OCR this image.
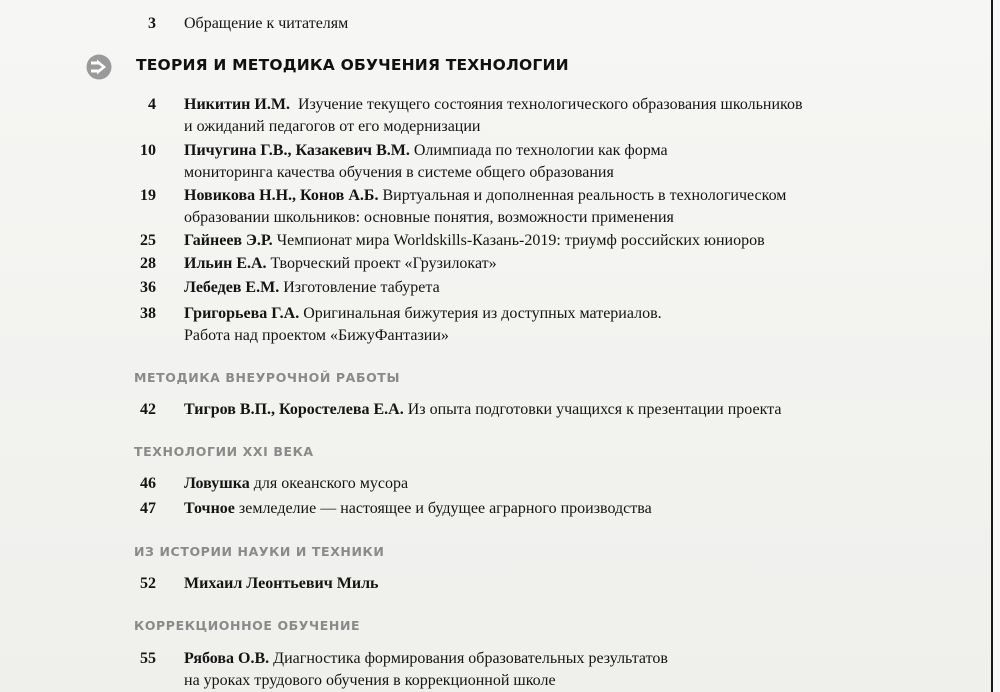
3 Обращение к читателям
ТЕОРИЯ И МЕТОДИКА ОБУЧЕНИЯ ТЕХНОЛОГИИ
4 Никитин И.М. Изучение текущего состояния технологического образования школьников
и ожиданий педагогов от его модернизации
10 Пичугина Г.В., Казакевич В.М. Олимпиада по технологии как форма
мониторинга качества обучения в системе общего образования
19 Новикова Н.Н., Конов А.Б. Виртуальная и дополненная реальность в технологическом
образовании школьников: основные понятия, возможности применения
25 Гайнеев Э.Р. Чемпионат мира Worldskills-Казань-2019: триумф российских юниоров
28 Ильин Е.А. Творческий проект «Грузилокат»
36 Лебедев Е.М. Изготовление табурета
38 Григорьева Г.А. Оригинальная бижутерия из доступных материалов.
Работа над проектом «БижуФантазии»
МЕТОДИКА ВНЕУРОЧНОЙ РАБОТЫ
42 Тигров В.П., Коростелева Е.А. Из опыта подготовки учащихся к презентации проекта
ТЕХНОЛОГИИ XXI ВЕКА
46 Ловушка для океанского мусора
47 Точное земледелие — настоящее и будущее аграрного производства
ИЗ ИСТОРИИ НАУКИ И ТЕХНИКИ
52 Михаил Леонтьевич Миль
КОРРЕКЦИОННОЕ ОБУЧЕНИЕ
55 Рябова О.В. Диагностика формирования образовательных результатов
на уроках трудового обучения в коррекционной школе
